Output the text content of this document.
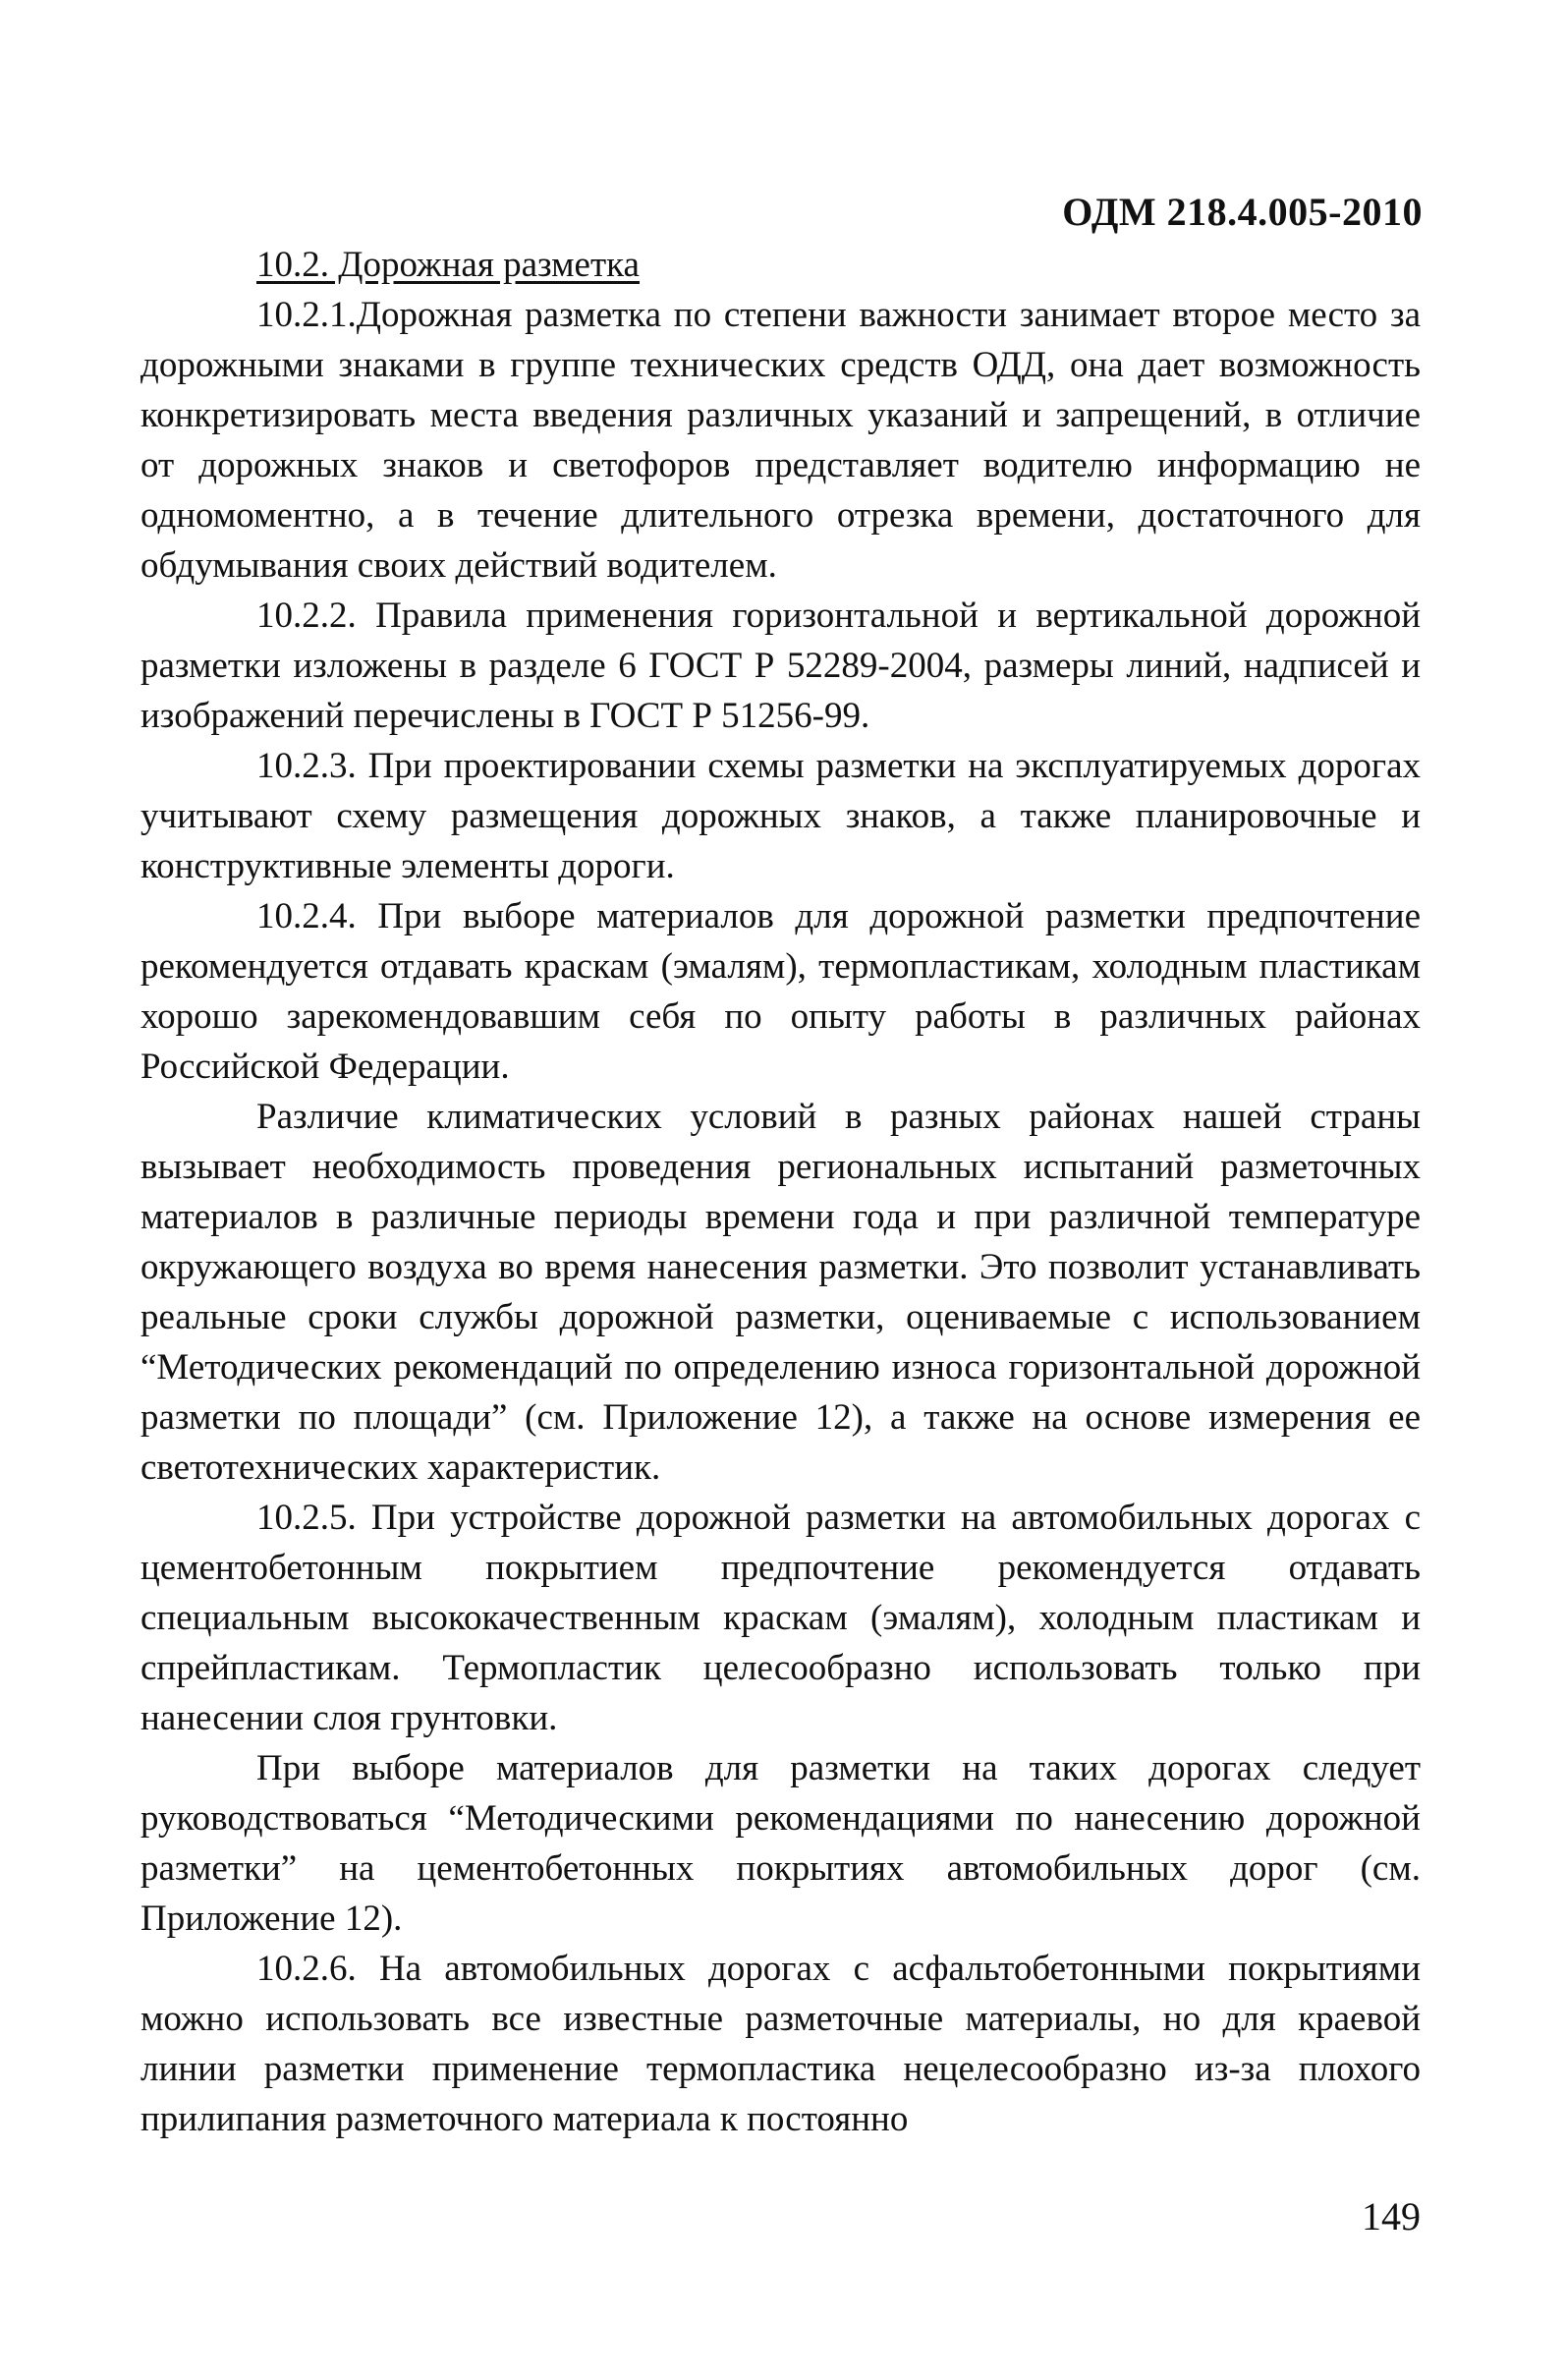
ОДМ 218.4.005-2010
10.2. Дорожная разметка

10.2.1.Дорожная разметка по степени важности занимает второе место за дорожными знаками в группе технических средств ОДД, она дает возможность конкретизировать места введения различных указаний и запрещений, в отличие от дорожных знаков и светофоров представляет водителю информацию не одномоментно, а в течение длительного отрезка времени, достаточного для обдумывания своих действий водителем.

10.2.2. Правила применения горизонтальной и вертикальной дорожной разметки изложены в разделе 6 ГОСТ Р 52289-2004, размеры линий, надписей и изображений перечислены в ГОСТ Р 51256-99.

10.2.3. При проектировании схемы разметки на эксплуатируемых дорогах учитывают схему размещения дорожных знаков, а также планировочные и конструктивные элементы дороги.

10.2.4. При выборе материалов для дорожной разметки предпочтение рекомендуется отдавать краскам (эмалям), термопластикам, холодным пластикам хорошо зарекомендовавшим себя по опыту работы в различных районах Российской Федерации.

Различие климатических условий в разных районах нашей страны вызывает необходимость проведения региональных испытаний разметочных материалов в различные периоды времени года и при различной температуре окружающего воздуха во время нанесения разметки. Это позволит устанавливать реальные сроки службы дорожной разметки, оцениваемые с использованием “Методических рекомендаций по определению износа горизонтальной дорожной разметки по площади” (см. Приложение 12), а также на основе измерения ее светотехнических характеристик.

10.2.5. При устройстве дорожной разметки на автомобильных дорогах с цементобетонным покрытием предпочтение рекомендуется отдавать специальным высококачественным краскам (эмалям), холодным пластикам и спрейпластикам. Термопластик целесообразно использовать только при нанесении слоя грунтовки.

При выборе материалов для разметки на таких дорогах следует руководствоваться “Методическими рекомендациями по нанесению дорожной разметки” на цементобетонных покрытиях автомобильных дорог (см. Приложение 12).

10.2.6. На автомобильных дорогах с асфальтобетонными покрытиями можно использовать все известные разметочные материалы, но для краевой линии разметки применение термопластика нецелесообразно из-за плохого прилипания разметочного материала к постоянно

149
